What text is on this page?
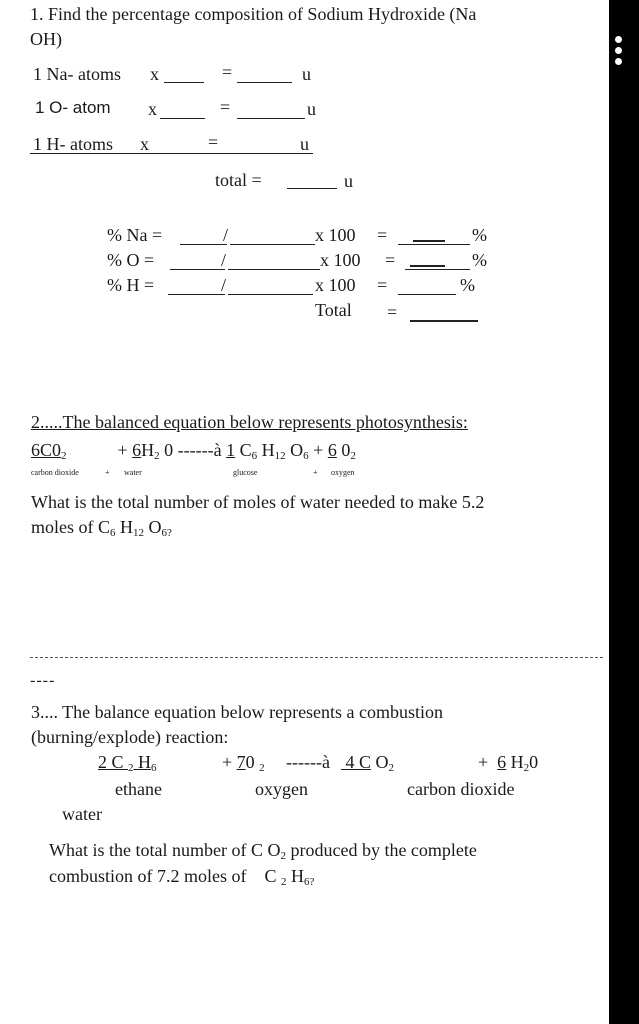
1. Find the percentage composition of Sodium Hydroxide (Na
OH)
1 Na- atoms x	=	u
1 O- atom x	=	u
1 H- atoms x	=	u
total =	u
% Na =	/	x 100 =	%
% O =	/	x 100 =	%
% H =	/	x 100 =	%
Total =
2.....The balanced equation below represents photosynthesis:
$6C0_2$	+ $6H_2$ 0 ------à 1 $C_6$ $H_{12}$ $O_6 + 6$ $0_2$
carbon dioxide	+ water	glucose	+ oxygen
What is the total number of moles of water needed to make 5.2
moles of $C_6$ $H_{12}$ $O_{6?}$
----
3.... The balance equation below represents a combustion
(burning/explode) reaction:
2 C $_2$ $H_6$	+ 70 $_2$ ------à 4 C $O_2$	+ 6 $H_20$
ethane	oxygen	carbon dioxide
water
What is the total number of C $O_2$ produced by the complete
combustion of 7.2 moles of C $_2$ $H_{6?}$
